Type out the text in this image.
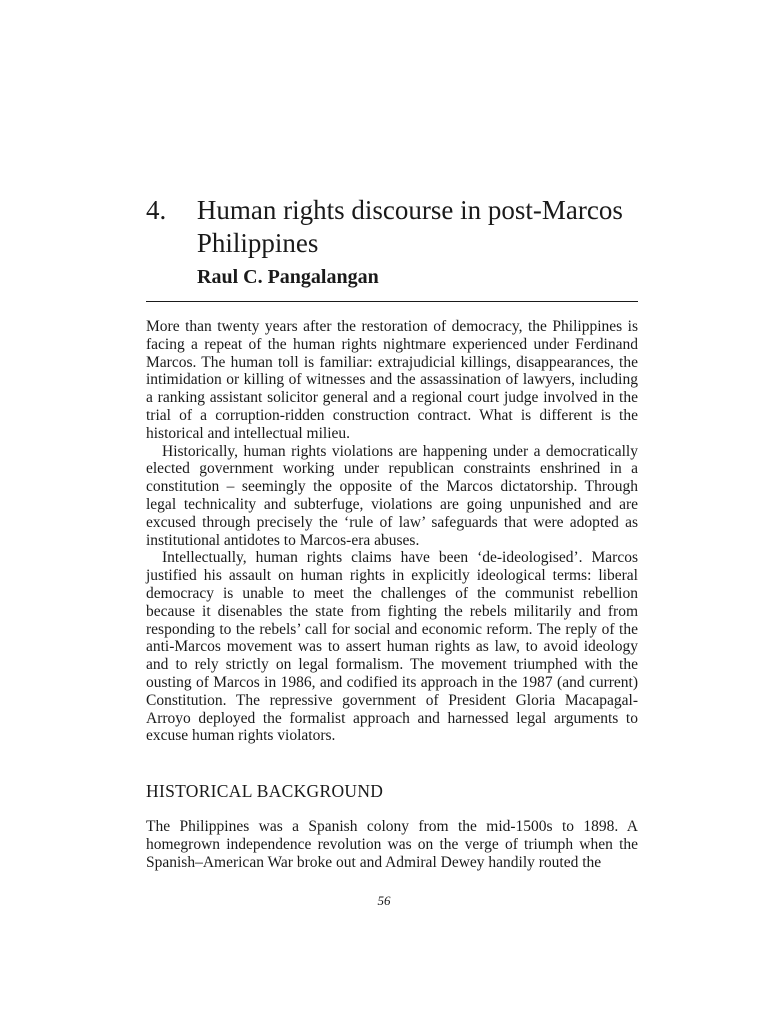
4.	Human rights discourse in post-Marcos Philippines
Raul C. Pangalangan

More than twenty years after the restoration of democracy, the Philippines is facing a repeat of the human rights nightmare experienced under Ferdinand Marcos. The human toll is familiar: extrajudicial killings, disappearances, the intimidation or killing of witnesses and the assassination of lawyers, including a ranking assistant solicitor general and a regional court judge involved in the trial of a corruption-ridden construction contract. What is different is the historical and intellectual milieu.

Historically, human rights violations are happening under a democratically elected government working under republican constraints enshrined in a constitution – seemingly the opposite of the Marcos dictatorship. Through legal technicality and subterfuge, violations are going unpunished and are excused through precisely the ‘rule of law’ safeguards that were adopted as institutional antidotes to Marcos-era abuses.

Intellectually, human rights claims have been ‘de-ideologised’. Marcos justified his assault on human rights in explicitly ideological terms: liberal democracy is unable to meet the challenges of the communist rebellion because it disenables the state from fighting the rebels militarily and from responding to the rebels’ call for social and economic reform. The reply of the anti-Marcos movement was to assert human rights as law, to avoid ideology and to rely strictly on legal formalism. The movement triumphed with the ousting of Marcos in 1986, and codified its approach in the 1987 (and current) Constitution. The repressive government of President Gloria Macapagal-Arroyo deployed the formalist approach and harnessed legal arguments to excuse human rights violators.

HISTORICAL BACKGROUND

The Philippines was a Spanish colony from the mid-1500s to 1898. A homegrown independence revolution was on the verge of triumph when the Spanish–American War broke out and Admiral Dewey handily routed the

56
